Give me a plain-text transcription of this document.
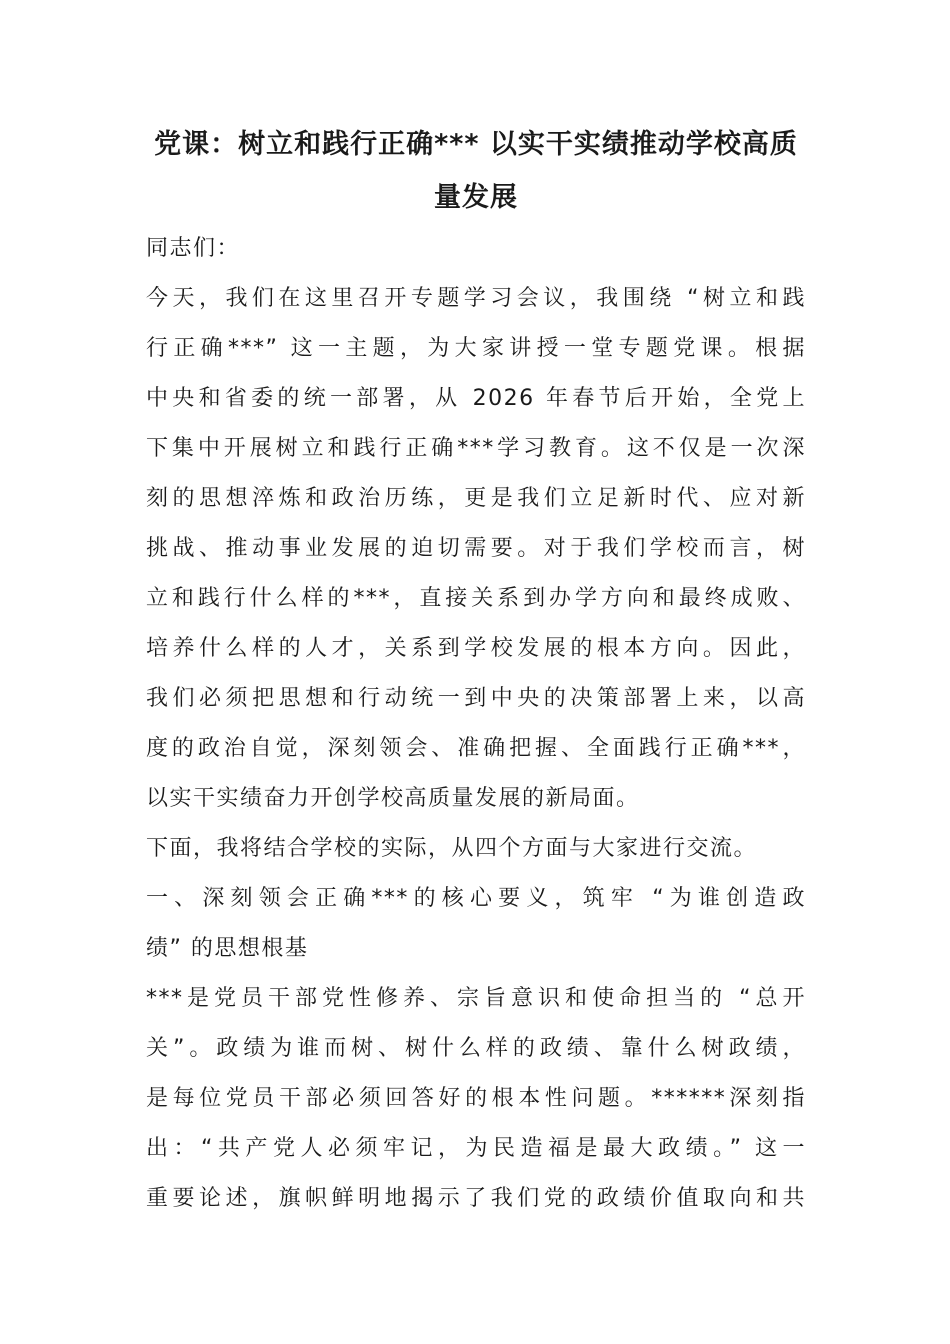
党课：树立和践行正确*** 以实干实绩推动学校高质
量发展

同志们：

今天，我们在这里召开专题学习会议，我围绕 “树立和践
行正确***” 这一主题，为大家讲授一堂专题党课。根据
中央和省委的统一部署，从 2026 年春节后开始，全党上
下集中开展树立和践行正确***学习教育。这不仅是一次深
刻的思想淬炼和政治历练，更是我们立足新时代、应对新
挑战、推动事业发展的迫切需要。对于我们学校而言，树
立和践行什么样的***，直接关系到办学方向和最终成败、
培养什么样的人才，关系到学校发展的根本方向。因此，
我们必须把思想和行动统一到中央的决策部署上来，以高
度的政治自觉，深刻领会、准确把握、全面践行正确***，
以实干实绩奋力开创学校高质量发展的新局面。

下面，我将结合学校的实际，从四个方面与大家进行交流。

一、深刻领会正确***的核心要义，筑牢 “为谁创造政
绩” 的思想根基

***是党员干部党性修养、宗旨意识和使命担当的 “总开
关”。政绩为谁而树、树什么样的政绩、靠什么树政绩，
是每位党员干部必须回答好的根本性问题。******深刻指
出：“共产党人必须牢记，为民造福是最大政绩。” 这一
重要论述，旗帜鲜明地揭示了我们党的政绩价值取向和共
